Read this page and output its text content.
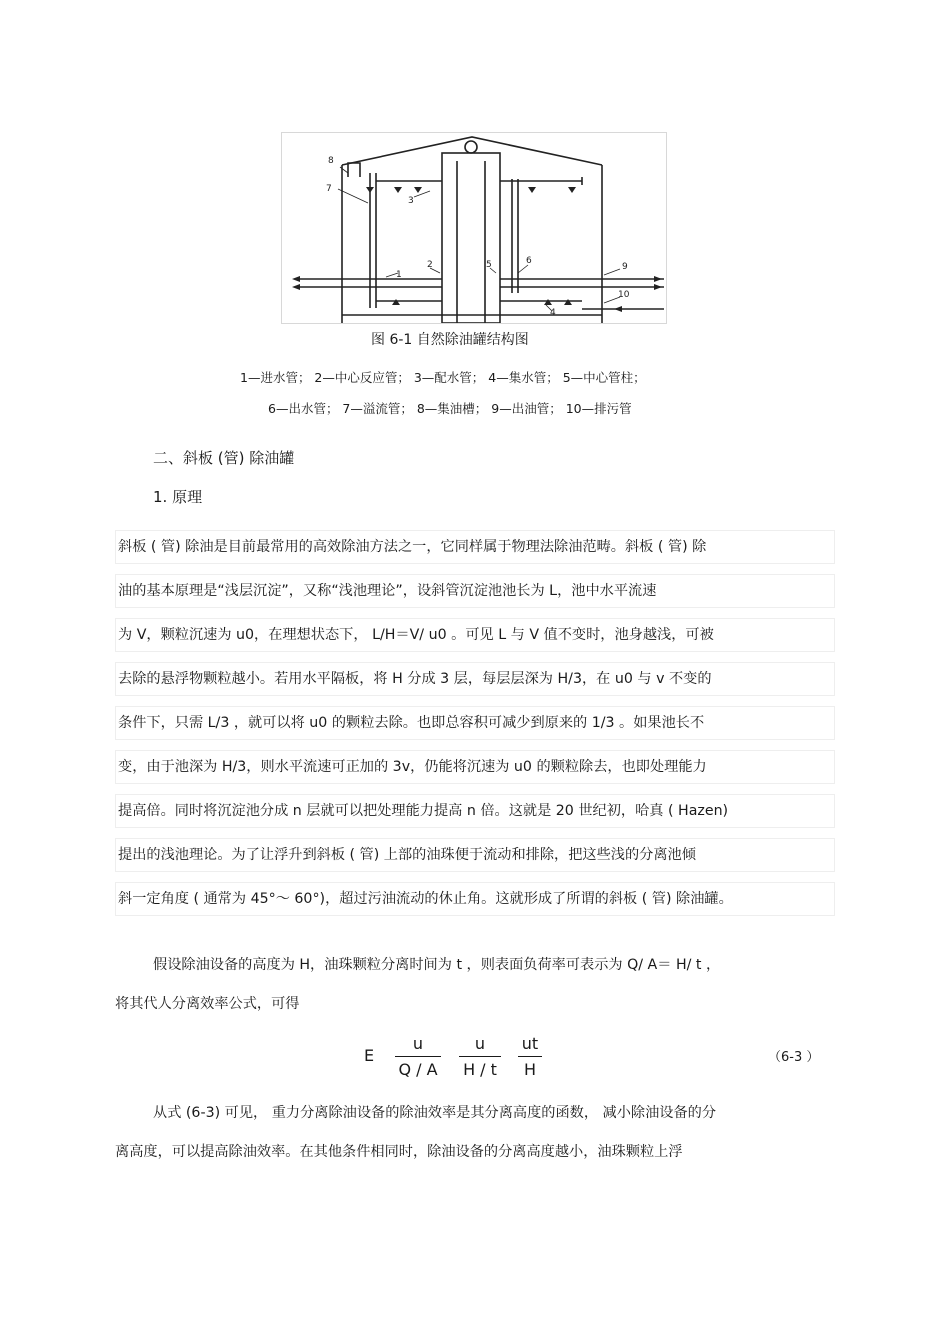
8
7
3
1
2	5	6
9
10
4
图 6-1 自然除油罐结构图
1—进水管； 2—中心反应管； 3—配水管； 4—集水管； 5—中心管柱；
6—出水管； 7—溢流管； 8—集油槽； 9—出油管； 10—排污管
二、斜板 (管) 除油罐
1. 原理
斜板 ( 管) 除油是目前最常用的高效除油方法之一，它同样属于物理法除油范畴。斜板 ( 管) 除
油的基本原理是“浅层沉淀”，又称“浅池理论”，设斜管沉淀池池长为 L，池中水平流速
为 V，颗粒沉速为 u0，在理想状态下， L/H＝V/ u0 。可见 L 与 V 值不变时，池身越浅，可被
去除的悬浮物颗粒越小。若用水平隔板，将 H 分成 3 层，每层层深为 H/3，在 u0 与 v 不变的
条件下，只需 L/3 ，就可以将 u0 的颗粒去除。也即总容积可减少到原来的 1/3 。如果池长不
变，由于池深为 H/3，则水平流速可正加的 3v，仍能将沉速为 u0 的颗粒除去，也即处理能力
提高倍。同时将沉淀池分成 n 层就可以把处理能力提高 n 倍。这就是 20 世纪初，哈真 ( Hazen)
提出的浅池理论。为了让浮升到斜板 ( 管) 上部的油珠便于流动和排除，把这些浅的分离池倾
斜一定角度 ( 通常为 45°～ 60°)，超过污油流动的休止角。这就形成了所谓的斜板 ( 管) 除油罐。
假设除油设备的高度为 H，油珠颗粒分离时间为 t ，则表面负荷率可表示为 Q∕ A＝ H∕ t ，
将其代人分离效率公式，可得
E
u
Q / A
u
H / t
ut
H
（6-3 ）
从式 (6-3) 可见， 重力分离除油设备的除油效率是其分离高度的函数， 减小除油设备的分
离高度，可以提高除油效率。在其他条件相同时，除油设备的分离高度越小，油珠颗粒上浮
